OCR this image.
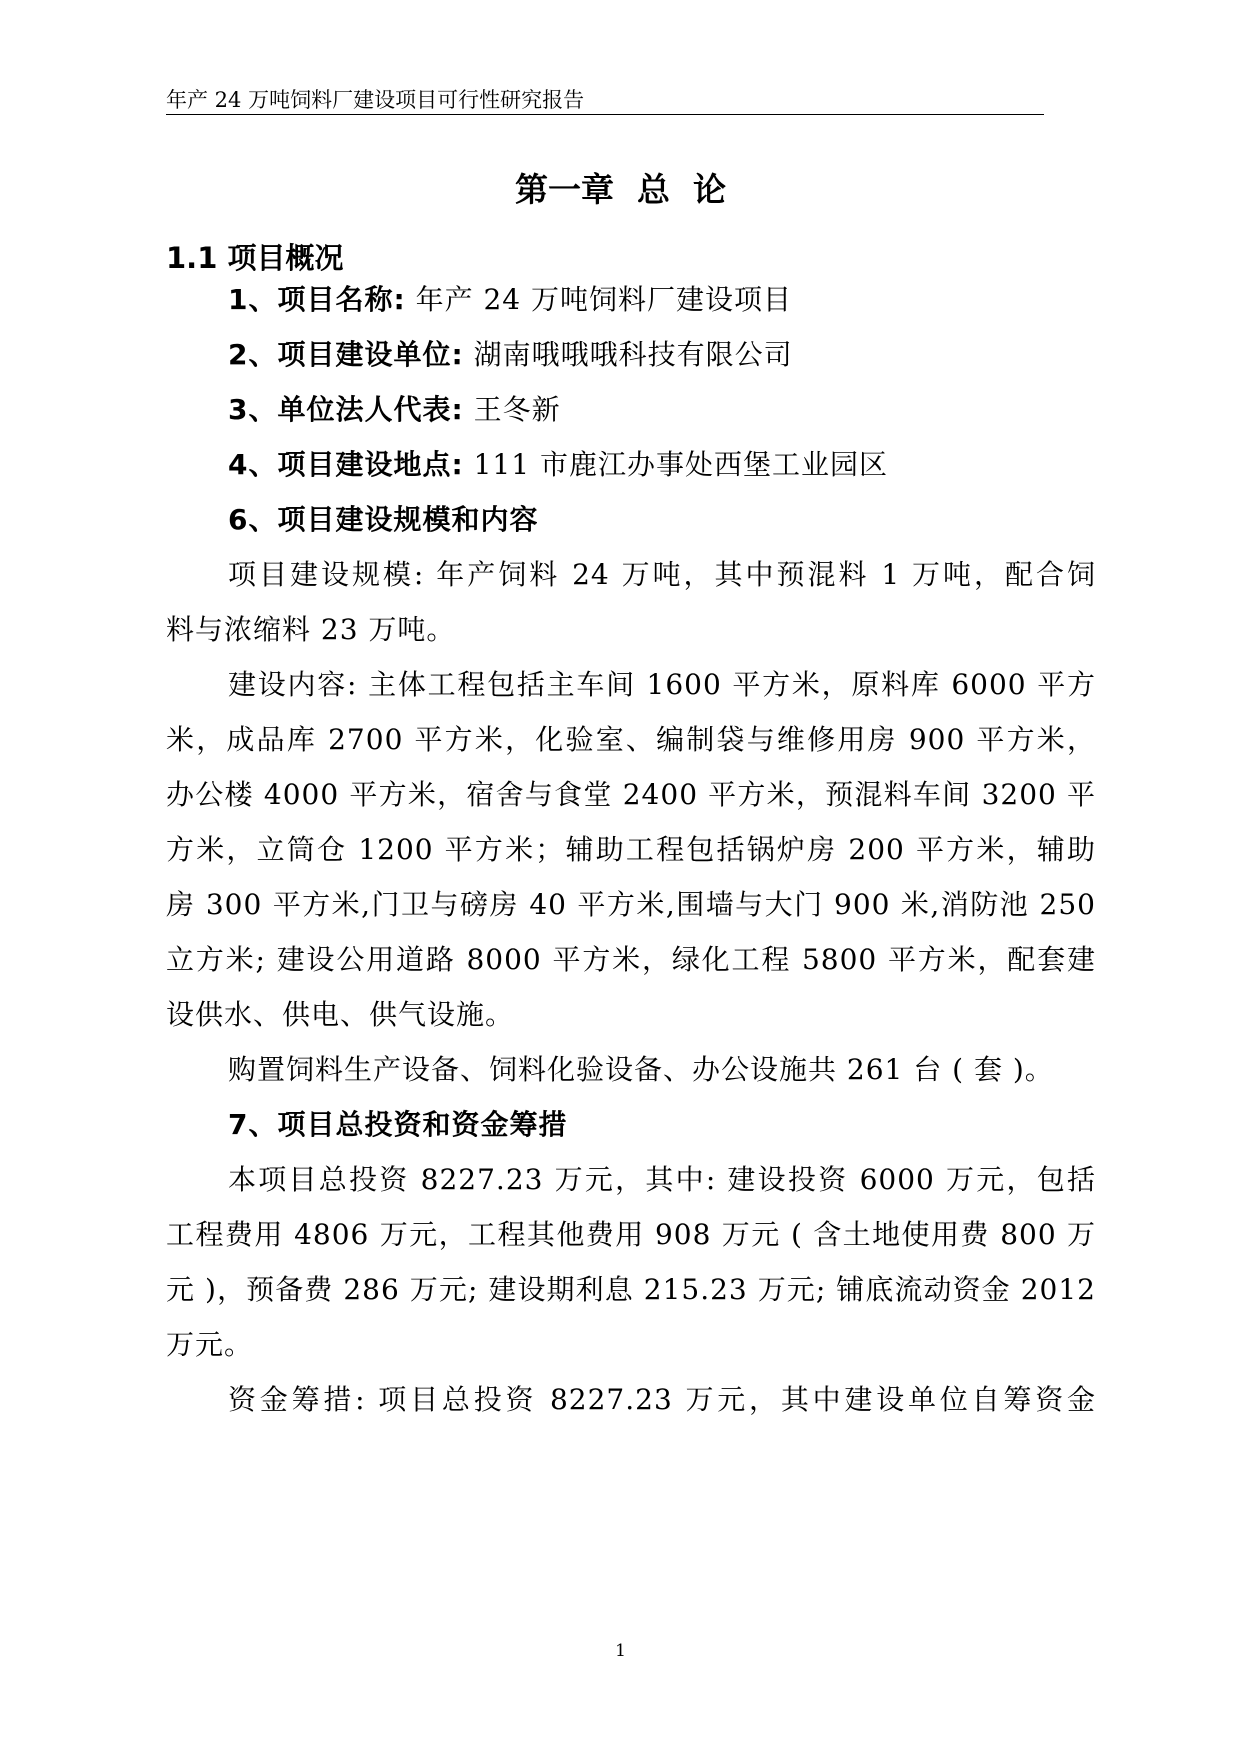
年产 24 万吨饲料厂建设项目可行性研究报告
第一章  总  论
1.1 项目概况
1、项目名称: 年产 24 万吨饲料厂建设项目
2、项目建设单位: 湖南哦哦哦科技有限公司
3、单位法人代表: 王冬新
4、项目建设地点: 111 市鹿江办事处西堡工业园区
6、项目建设规模和内容
项目建设规模: 年产饲料 24 万吨，其中预混料 1 万吨，配合饲
料与浓缩料 23 万吨。
建设内容: 主体工程包括主车间 1600 平方米，原料库 6000 平方
米，成品库 2700 平方米，化验室、编制袋与维修用房 900 平方米，
办公楼 4000 平方米，宿舍与食堂 2400 平方米，预混料车间 3200 平
方米，立筒仓 1200 平方米；辅助工程包括锅炉房 200 平方米，辅助
房 300 平方米,门卫与磅房 40 平方米,围墙与大门 900 米,消防池 250
立方米; 建设公用道路 8000 平方米，绿化工程 5800 平方米，配套建
设供水、供电、供气设施。
购置饲料生产设备、饲料化验设备、办公设施共 261 台 ( 套 )。
7、项目总投资和资金筹措
本项目总投资 8227.23 万元，其中: 建设投资 6000 万元，包括
工程费用 4806 万元，工程其他费用 908 万元 ( 含土地使用费 800 万
元 )，预备费 286 万元; 建设期利息 215.23 万元; 铺底流动资金 2012
万元。
资金筹措: 项目总投资 8227.23 万元，其中建设单位自筹资金
1
